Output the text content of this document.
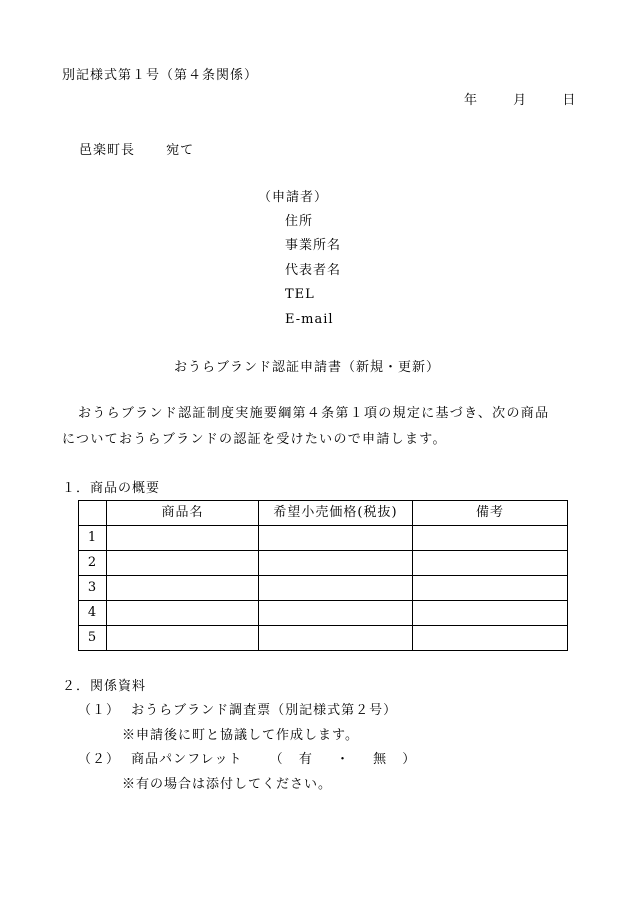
別記様式第１号（第４条関係）
年	月	日
邑楽町長 宛て
（申請者）
住所
事業所名
代表者名
TEL
E-mail
おうらブランド認証申請書（新規・更新）
おうらブランド認証制度実施要綱第４条第１項の規定に基づき、次の商品
についておうらブランドの認証を受けたいので申請します。
１．商品の概要
	商品名	希望小売価格(税抜)	備考
1			
2			
3			
4			
5			
２．関係資料
（１） おうらブランド調査票（別記様式第２号）
※申請後に町と協議して作成します。
（２） 商品パンフレット （ 有 ・ 無 ）
※有の場合は添付してください。
